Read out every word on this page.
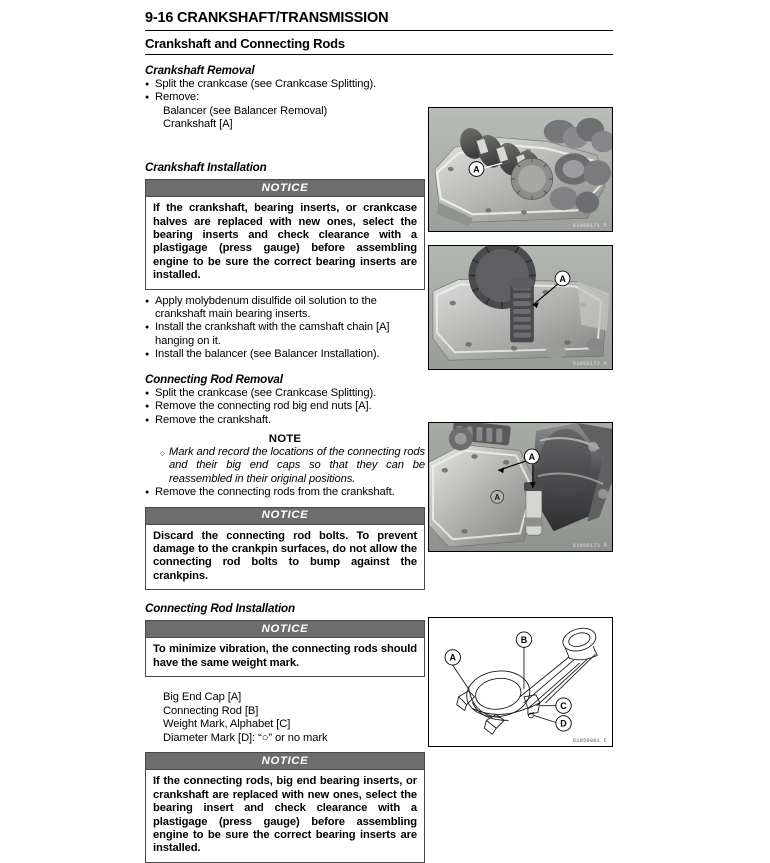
9-16 CRANKSHAFT/TRANSMISSION
Crankshaft and Connecting Rods
Crankshaft Removal
● Split the crankcase (see Crankcase Splitting).
● Remove:
Balancer (see Balancer Removal)
Crankshaft [A]
Crankshaft Installation
NOTICE
If the crankshaft, bearing inserts, or crankcase halves are replaced with new ones, select the bearing inserts and check clearance with a plastigage (press gauge) before assembling engine to be sure the correct bearing inserts are installed.
● Apply molybdenum disulfide oil solution to the crankshaft main bearing inserts.
● Install the crankshaft with the camshaft chain [A] hanging on it.
● Install the balancer (see Balancer Installation).
Connecting Rod Removal
● Split the crankcase (see Crankcase Splitting).
● Remove the connecting rod big end nuts [A].
● Remove the crankshaft.
NOTE
○ Mark and record the locations of the connecting rods and their big end caps so that they can be reassembled in their original positions.
● Remove the connecting rods from the crankshaft.
NOTICE
Discard the connecting rod bolts. To prevent damage to the crankpin surfaces, do not allow the connecting rod bolts to bump against the crankpins.
Connecting Rod Installation
NOTICE
To minimize vibration, the connecting rods should have the same weight mark.
Big End Cap [A]
Connecting Rod [B]
Weight Mark, Alphabet [C]
Diameter Mark [D]: “○” or no mark
NOTICE
If the connecting rods, big end bearing inserts, or crankshaft are replaced with new ones, select the bearing insert and check clearance with a plastigage (press gauge) before assembling engine to be sure the correct bearing inserts are installed.
A
61050171 P
A
61050172 P
A
A
61050173 P
A
B
C
D
61050001 C
